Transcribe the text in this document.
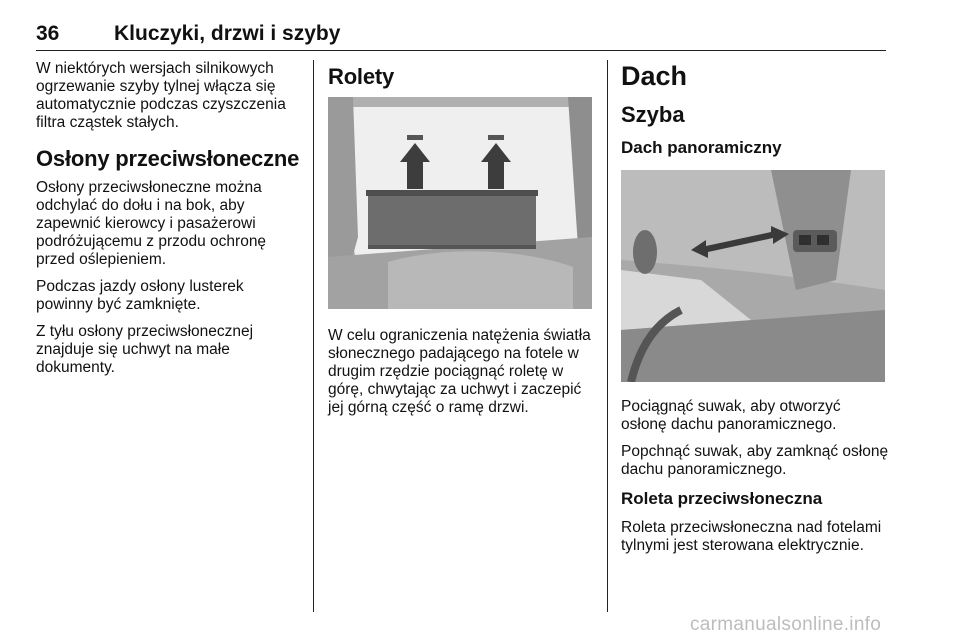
36	Kluczyki, drzwi i szyby

W niektórych wersjach silnikowych ogrzewanie szyby tylnej włącza się automatycznie podczas czyszczenia filtra cząstek stałych.

Osłony przeciwsłoneczne

Osłony przeciwsłoneczne można odchylać do dołu i na bok, aby zapewnić kierowcy i pasażerowi podróżującemu z przodu ochronę przed oślepieniem.

Podczas jazdy osłony lusterek powinny być zamknięte.

Z tyłu osłony przeciwsłonecznej znajduje się uchwyt na małe dokumenty.

Rolety

W celu ograniczenia natężenia światła słonecznego padającego na fotele w drugim rzędzie pociągnąć roletę w górę, chwytając za uchwyt i zaczepić jej górną część o ramę drzwi.

Dach
Szyba
Dach panoramiczny

Pociągnąć suwak, aby otworzyć osłonę dachu panoramicznego.

Popchnąć suwak, aby zamknąć osłonę dachu panoramicznego.

Roleta przeciwsłoneczna

Roleta przeciwsłoneczna nad fotelami tylnymi jest sterowana elektrycznie.

carmanualsonline.info
